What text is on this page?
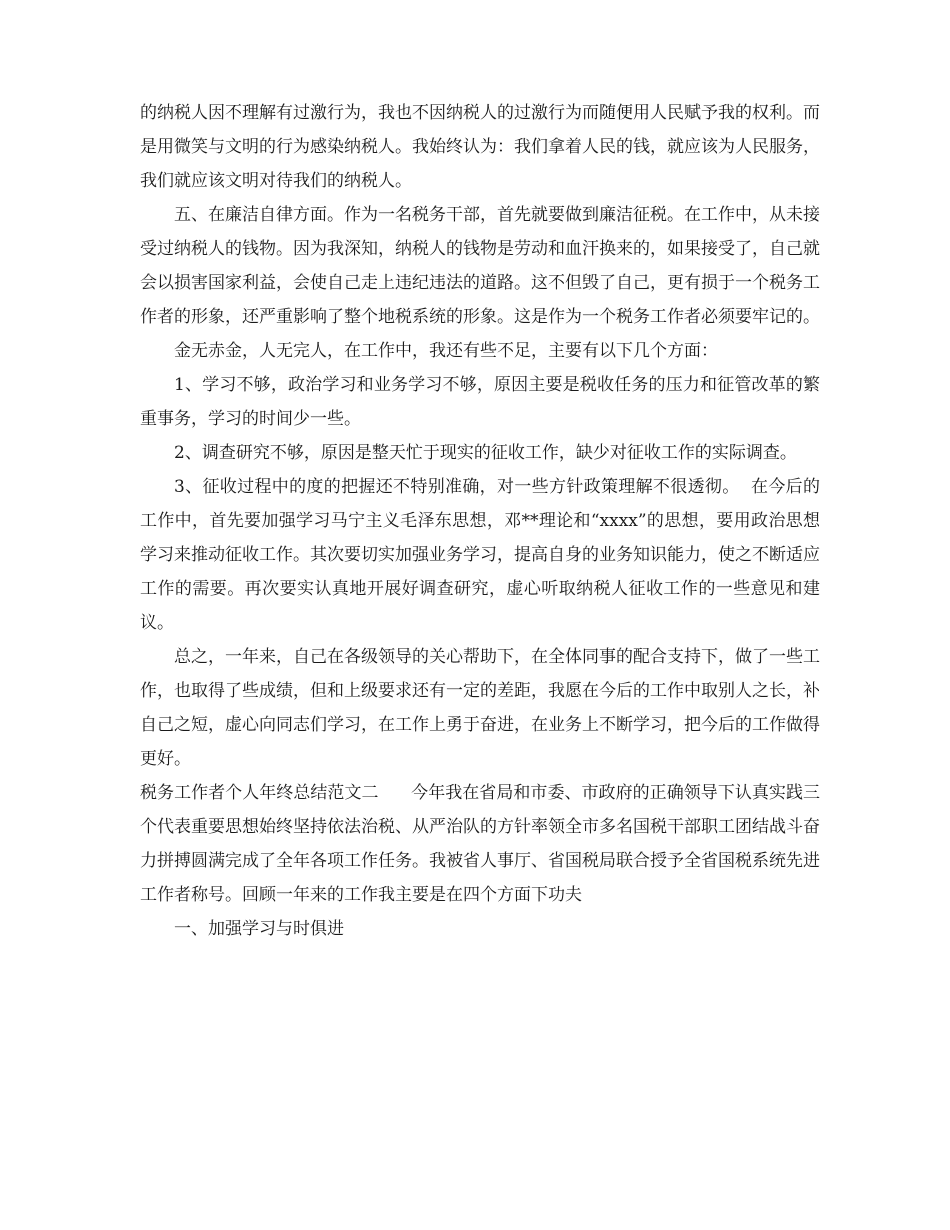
的纳税人因不理解有过激行为，我也不因纳税人的过激行为而随便用人民赋予我的权利。而是用微笑与文明的行为感染纳税人。我始终认为：我们拿着人民的钱，就应该为人民服务，我们就应该文明对待我们的纳税人。

五、在廉洁自律方面。作为一名税务干部，首先就要做到廉洁征税。在工作中，从未接受过纳税人的钱物。因为我深知，纳税人的钱物是劳动和血汗换来的，如果接受了，自己就会以损害国家利益，会使自己走上违纪违法的道路。这不但毁了自己，更有损于一个税务工作者的形象，还严重影响了整个地税系统的形象。这是作为一个税务工作者必须要牢记的。

金无赤金，人无完人，在工作中，我还有些不足，主要有以下几个方面：

1、学习不够，政治学习和业务学习不够，原因主要是税收任务的压力和征管改革的繁重事务，学习的时间少一些。

2、调查研究不够，原因是整天忙于现实的征收工作，缺少对征收工作的实际调查。

3、征收过程中的度的把握还不特别准确，对一些方针政策理解不很透彻。  在今后的工作中，首先要加强学习马宁主义毛泽东思想，邓**理论和“xxxx”的思想，要用政治思想学习来推动征收工作。其次要切实加强业务学习，提高自身的业务知识能力，使之不断适应工作的需要。再次要实认真地开展好调查研究，虚心听取纳税人征收工作的一些意见和建议。

总之，一年来，自己在各级领导的关心帮助下，在全体同事的配合支持下，做了一些工作，也取得了些成绩，但和上级要求还有一定的差距，我愿在今后的工作中取别人之长，补自己之短，虚心向同志们学习，在工作上勇于奋进，在业务上不断学习，把今后的工作做得更好。

税务工作者个人年终总结范文二      今年我在省局和市委、市政府的正确领导下认真实践三个代表重要思想始终坚持依法治税、从严治队的方针率领全市多名国税干部职工团结战斗奋力拼搏圆满完成了全年各项工作任务。我被省人事厅、省国税局联合授予全省国税系统先进工作者称号。回顾一年来的工作我主要是在四个方面下功夫

一、加强学习与时俱进
